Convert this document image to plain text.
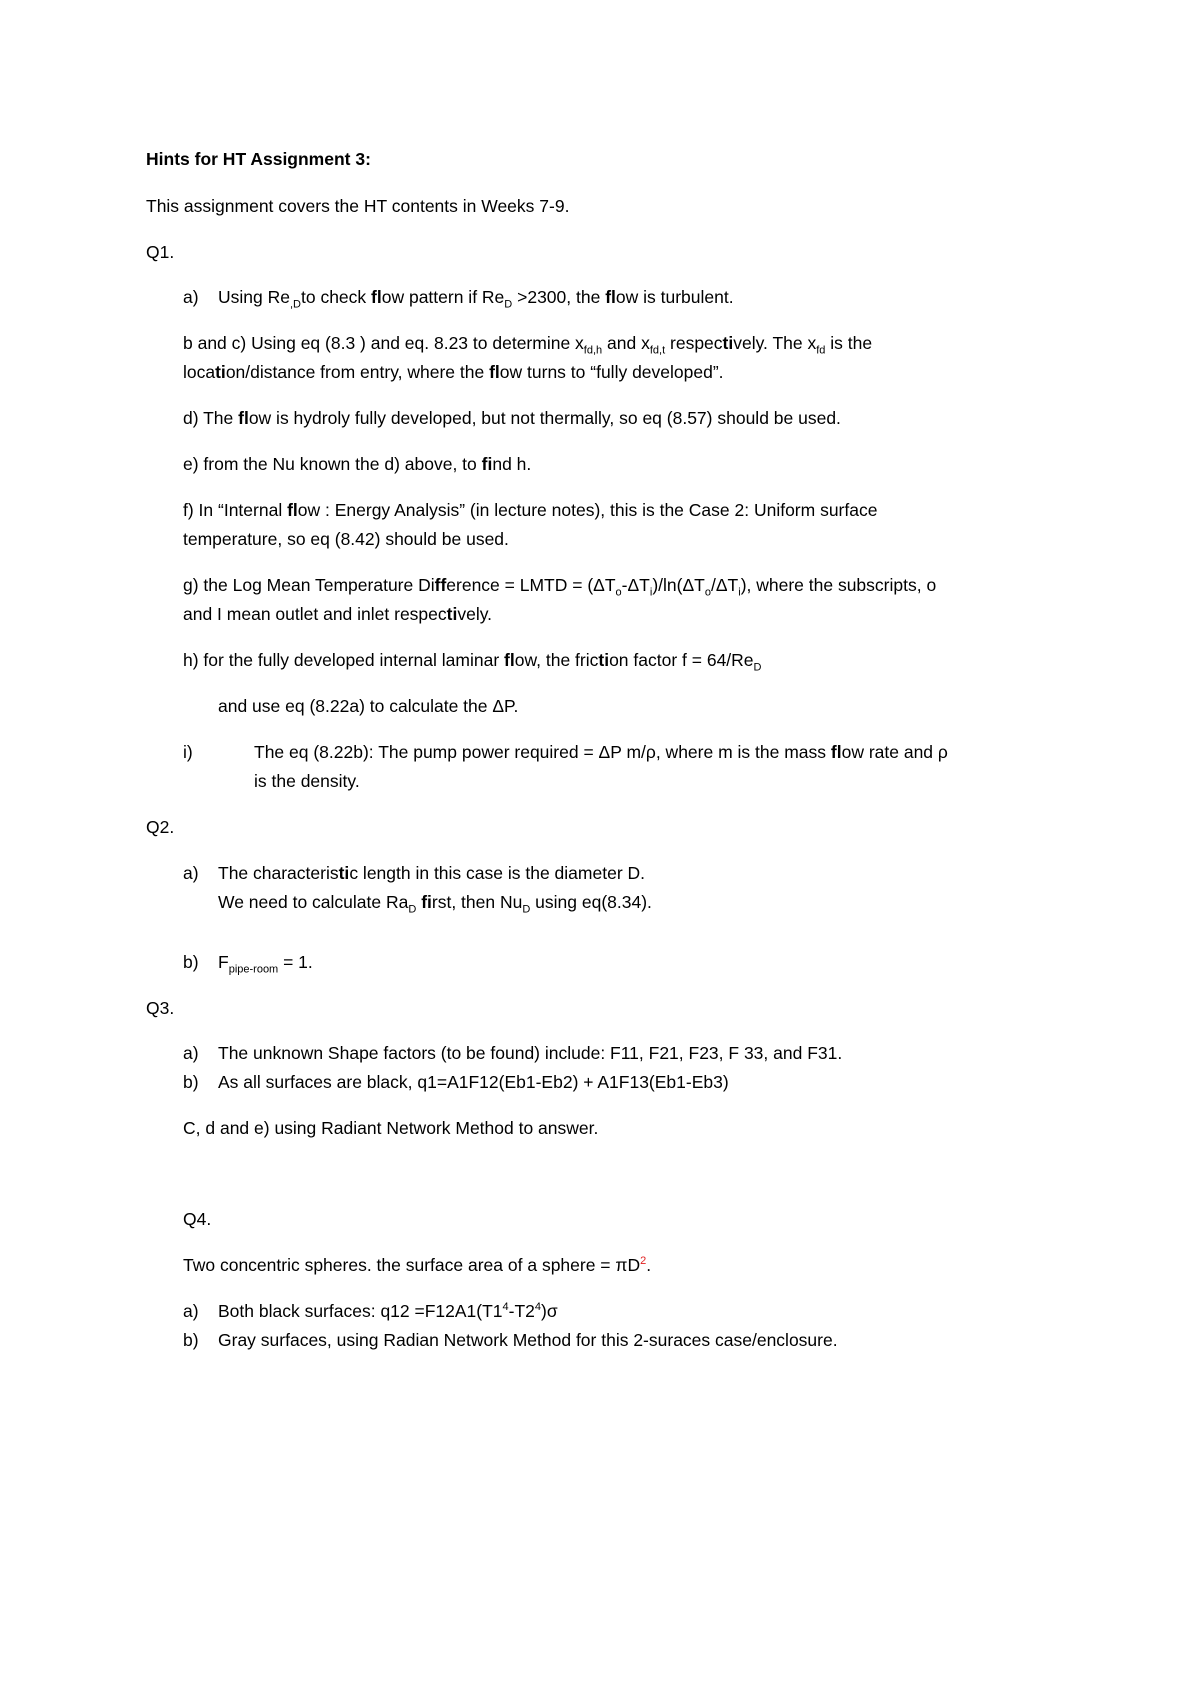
Hints for HT Assignment 3:
This assignment covers the HT contents in Weeks 7-9.
Q1.
a) Using $Re_{,D}to$ check flow pattern if $Re_D >2300$, the flow is turbulent.
b and c) Using eq (8.3 ) and eq. 8.23 to determine $x_{fd,h}$ and $x_{fd,t}$ respectively. The $x_{fd}$ is the
location/distance from entry, where the flow turns to “fully developed”.
d) The flow is hydroly fully developed, but not thermally, so eq (8.57) should be used.
e) from the Nu known the d) above, to find h.
f) In “Internal flow : Energy Analysis” (in lecture notes), this is the Case 2: Uniform surface
temperature, so eq (8.42) should be used.
g) the Log Mean Temperature Difference = LMTD = $(\Delta T_o-\Delta T_i)/\ln(\Delta T_o/\Delta T_i)$, where the subscripts, o
and I mean outlet and inlet respectively.
h) for the fully developed internal laminar flow, the friction factor $f = 64/Re_D$
and use eq (8.22a) to calculate the ΔP.
i)	The eq (8.22b): The pump power required = ΔP m/ρ, where m is the mass flow rate and ρ
is the density.
Q2.
a) The characteristic length in this case is the diameter D.
We need to calculate $Ra_D$ first, then $Nu_D$ using eq(8.34).
b) $F_{pipe-room} = 1$.
Q3.
a) The unknown Shape factors (to be found) include: F11, F21, F23, F 33, and F31.
b) As all surfaces are black, q1=A1F12(Eb1-Eb2) + A1F13(Eb1-Eb3)
C, d and e) using Radiant Network Method to answer.
Q4.
Two concentric spheres. the surface area of a sphere = $\pi D^2$.
a) Both black surfaces: $q12 =F12A1(T1^4-T2^4)\sigma$
b) Gray surfaces, using Radian Network Method for this 2-suraces case/enclosure.
